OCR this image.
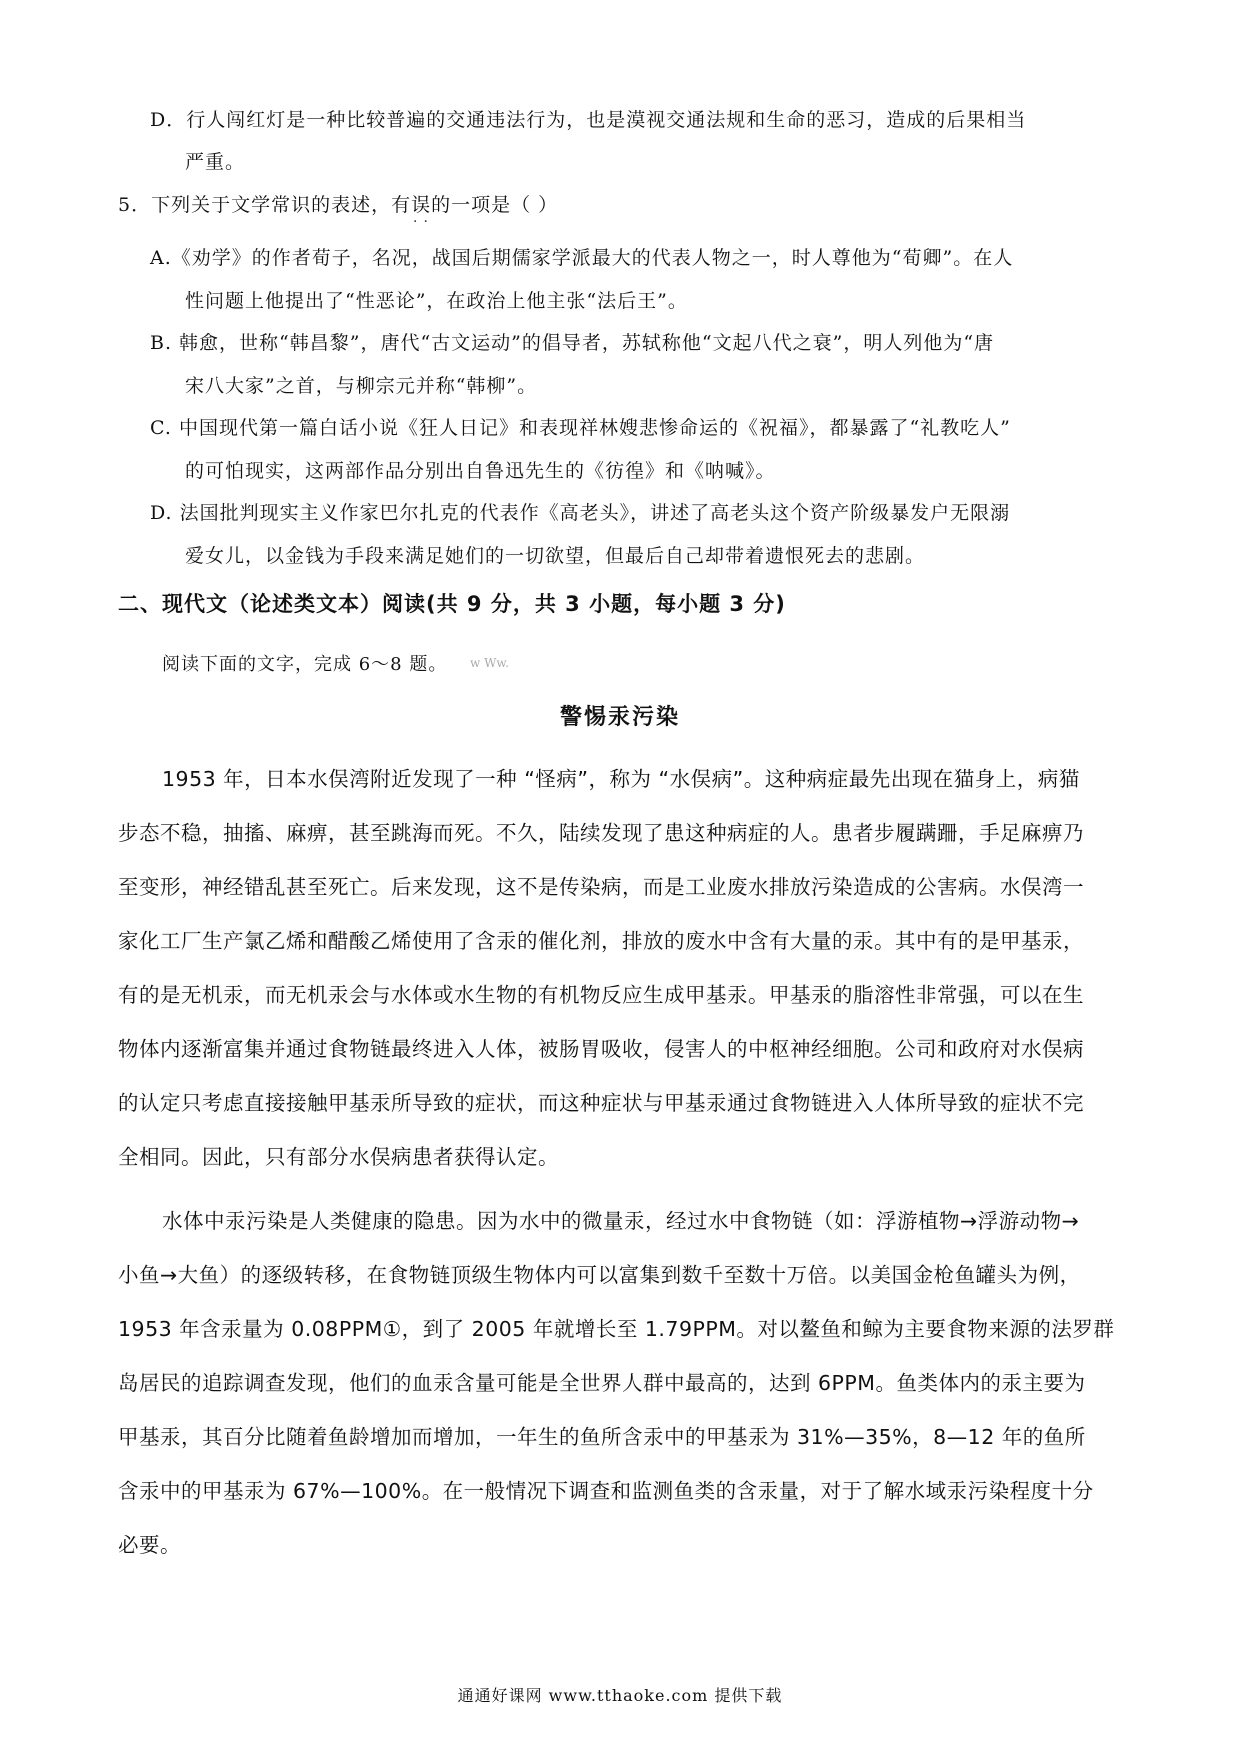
D．行人闯红灯是一种比较普遍的交通违法行为，也是漠视交通法规和生命的恶习，造成的后果相当
严重。
5．下列关于文学常识的表述，有误的一项是（ ）
··
A.《劝学》的作者荀子，名况，战国后期儒家学派最大的代表人物之一，时人尊他为“荀卿”。在人
性问题上他提出了“性恶论”，在政治上他主张“法后王”。
B. 韩愈，世称“韩昌黎”，唐代“古文运动”的倡导者，苏轼称他“文起八代之衰”，明人列他为“唐
宋八大家”之首，与柳宗元并称“韩柳”。
C. 中国现代第一篇白话小说《狂人日记》和表现祥林嫂悲惨命运的《祝福》，都暴露了“礼教吃人”
的可怕现实，这两部作品分别出自鲁迅先生的《彷徨》和《呐喊》。
D. 法国批判现实主义作家巴尔扎克的代表作《高老头》，讲述了高老头这个资产阶级暴发户无限溺
爱女儿，以金钱为手段来满足她们的一切欲望，但最后自己却带着遗恨死去的悲剧。
二、现代文（论述类文本）阅读(共 9 分，共 3 小题，每小题 3 分)
阅读下面的文字，完成 6～8 题。 w Ww.
警惕汞污染
1953 年，日本水俣湾附近发现了一种 “怪病”，称为 “水俣病”。这种病症最先出现在猫身上，病猫
步态不稳，抽搐、麻痹，甚至跳海而死。不久，陆续发现了患这种病症的人。患者步履蹒跚，手足麻痹乃
至变形，神经错乱甚至死亡。后来发现，这不是传染病，而是工业废水排放污染造成的公害病。水俣湾一
家化工厂生产氯乙烯和醋酸乙烯使用了含汞的催化剂，排放的废水中含有大量的汞。其中有的是甲基汞，
有的是无机汞，而无机汞会与水体或水生物的有机物反应生成甲基汞。甲基汞的脂溶性非常强，可以在生
物体内逐渐富集并通过食物链最终进入人体，被肠胃吸收，侵害人的中枢神经细胞。公司和政府对水俣病
的认定只考虑直接接触甲基汞所导致的症状，而这种症状与甲基汞通过食物链进入人体所导致的症状不完
全相同。因此，只有部分水俣病患者获得认定。
水体中汞污染是人类健康的隐患。因为水中的微量汞，经过水中食物链（如：浮游植物→浮游动物→
小鱼→大鱼）的逐级转移，在食物链顶级生物体内可以富集到数千至数十万倍。以美国金枪鱼罐头为例，
1953 年含汞量为 0.08PPM①，到了 2005 年就增长至 1.79PPM。对以鳌鱼和鲸为主要食物来源的法罗群
岛居民的追踪调查发现，他们的血汞含量可能是全世界人群中最高的，达到 6PPM。鱼类体内的汞主要为
甲基汞，其百分比随着鱼龄增加而增加，一年生的鱼所含汞中的甲基汞为 31%—35%，8—12 年的鱼所
含汞中的甲基汞为 67%—100%。在一般情况下调查和监测鱼类的含汞量，对于了解水域汞污染程度十分
必要。
通通好课网 www.tthaoke.com 提供下载
